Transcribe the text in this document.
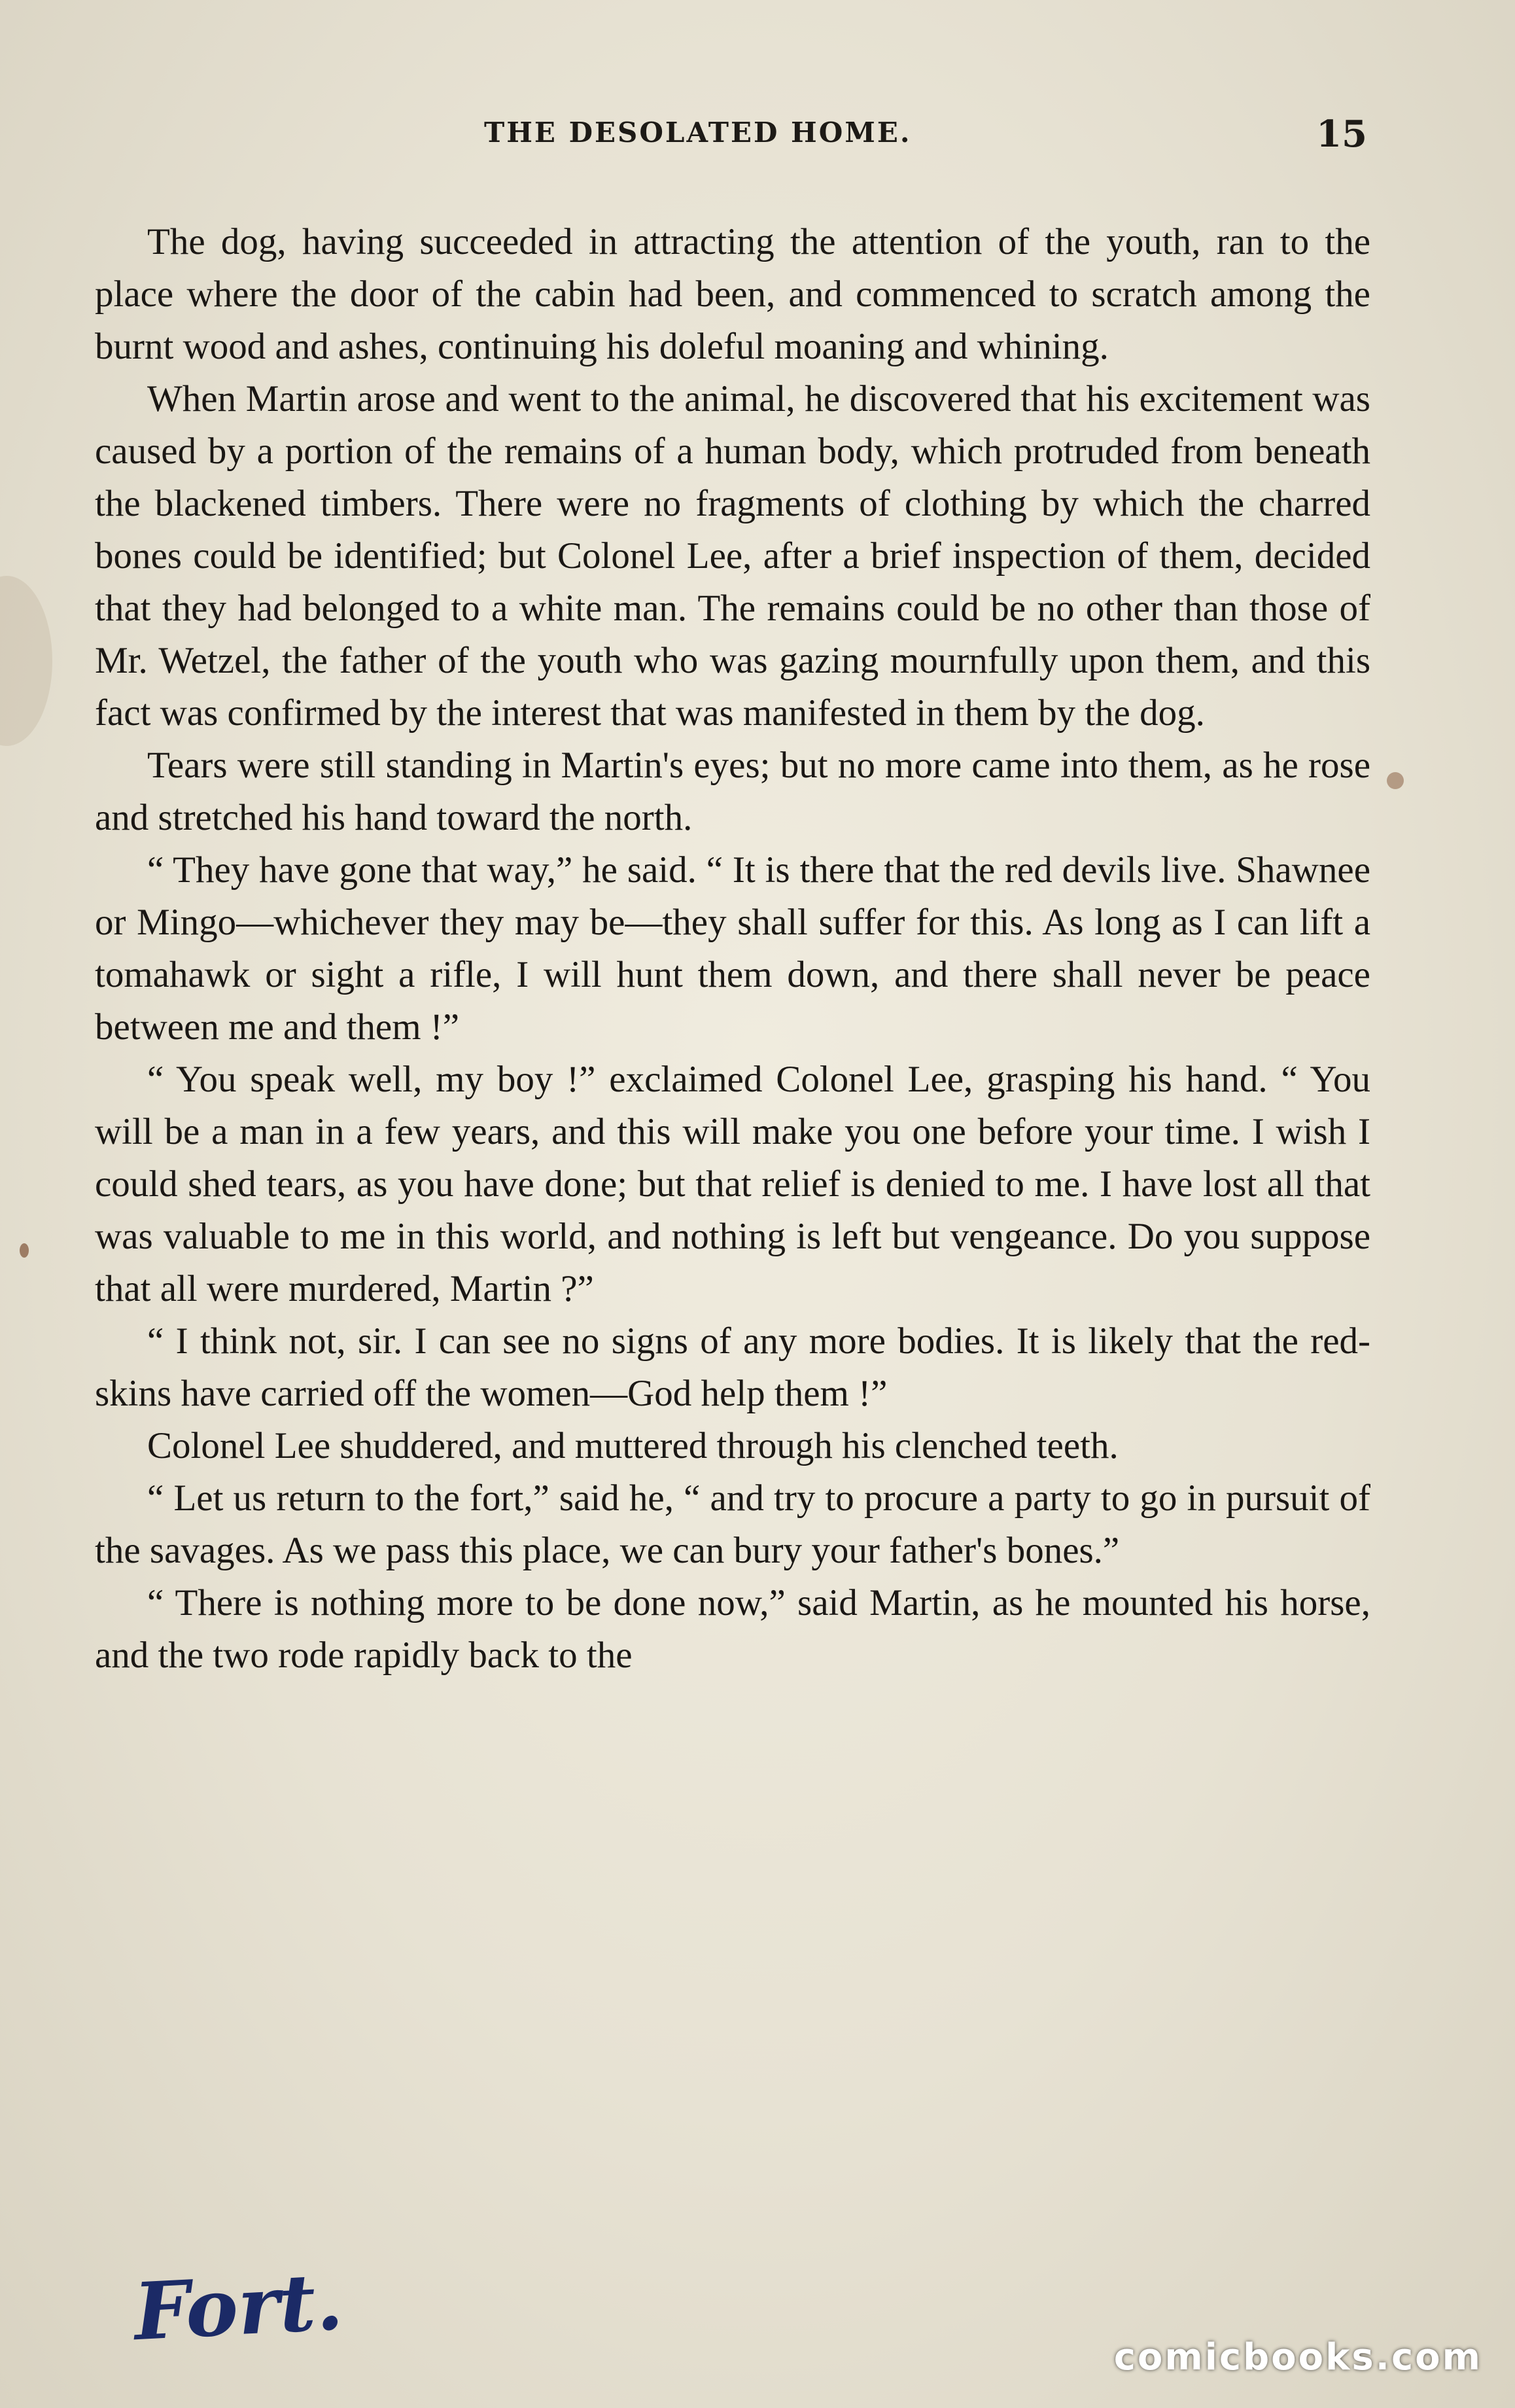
THE DESOLATED HOME.	15

The dog, having succeeded in attracting the attention of the youth, ran to the place where the door of the cabin had been, and commenced to scratch among the burnt wood and ashes, continuing his doleful moaning and whining.

When Martin arose and went to the animal, he discovered that his excitement was caused by a portion of the remains of a human body, which protruded from beneath the blackened timbers. There were no fragments of clothing by which the charred bones could be identified; but Colonel Lee, after a brief inspection of them, decided that they had belonged to a white man. The remains could be no other than those of Mr. Wetzel, the father of the youth who was gazing mournfully upon them, and this fact was confirmed by the interest that was manifested in them by the dog.

Tears were still standing in Martin's eyes; but no more came into them, as he rose and stretched his hand toward the north.

“ They have gone that way,” he said. “ It is there that the red devils live. Shawnee or Mingo—whichever they may be—they shall suffer for this. As long as I can lift a tomahawk or sight a rifle, I will hunt them down, and there shall never be peace between me and them !”

“ You speak well, my boy !” exclaimed Colonel Lee, grasping his hand. “ You will be a man in a few years, and this will make you one before your time. I wish I could shed tears, as you have done; but that relief is denied to me. I have lost all that was valuable to me in this world, and nothing is left but vengeance. Do you suppose that all were murdered, Martin ?”

“ I think not, sir. I can see no signs of any more bodies. It is likely that the red-skins have carried off the women—God help them !”

Colonel Lee shuddered, and muttered through his clenched teeth.

“ Let us return to the fort,” said he, “ and try to procure a party to go in pursuit of the savages. As we pass this place, we can bury your father's bones.”

“ There is nothing more to be done now,” said Martin, as he mounted his horse, and the two rode rapidly back to the

Fort.	comicbooks.com
